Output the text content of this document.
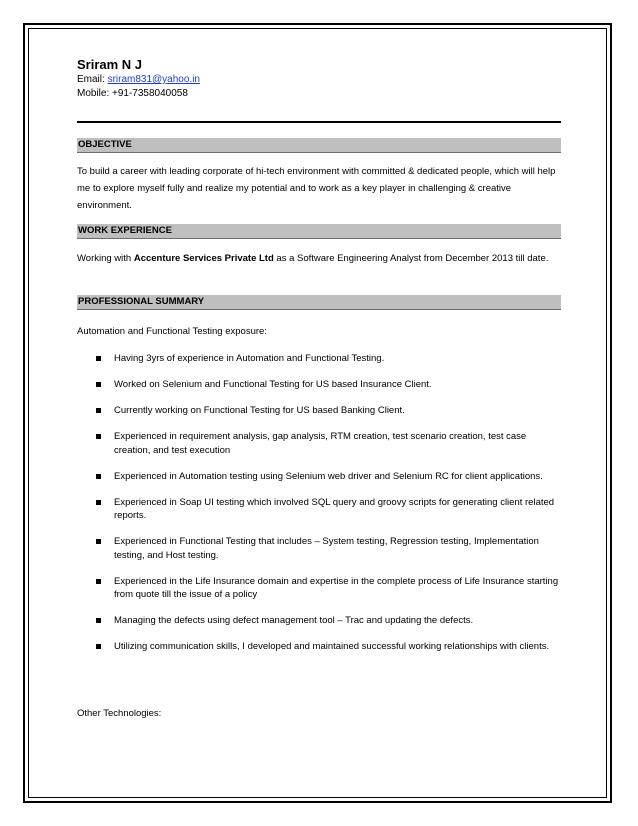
Sriram N J
Email: sriram831@yahoo.in
Mobile: +91-7358040058
OBJECTIVE
To build a career with leading corporate of hi-tech environment with committed & dedicated people, which will help me to explore myself fully and realize my potential and to work as a key player in challenging & creative environment.
WORK EXPERIENCE
Working with Accenture Services Private Ltd as a Software Engineering Analyst from December 2013 till date.
PROFESSIONAL SUMMARY
Automation and Functional Testing exposure:
Having 3yrs of experience in Automation and Functional Testing.
Worked on Selenium and Functional Testing for US based Insurance Client.
Currently working on Functional Testing for US based Banking Client.
Experienced in requirement analysis, gap analysis, RTM creation, test scenario creation, test case creation, and test execution
Experienced in Automation testing using Selenium web driver and Selenium RC for client applications.
Experienced in Soap UI testing which involved SQL query and groovy scripts for generating client related reports.
Experienced in Functional Testing that includes – System testing, Regression testing, Implementation testing, and Host testing.
Experienced in the Life Insurance domain and expertise in the complete process of Life Insurance starting from quote till the issue of a policy
Managing the defects using defect management tool – Trac and updating the defects.
Utilizing communication skills, I developed and maintained successful working relationships with clients.
Other Technologies:
